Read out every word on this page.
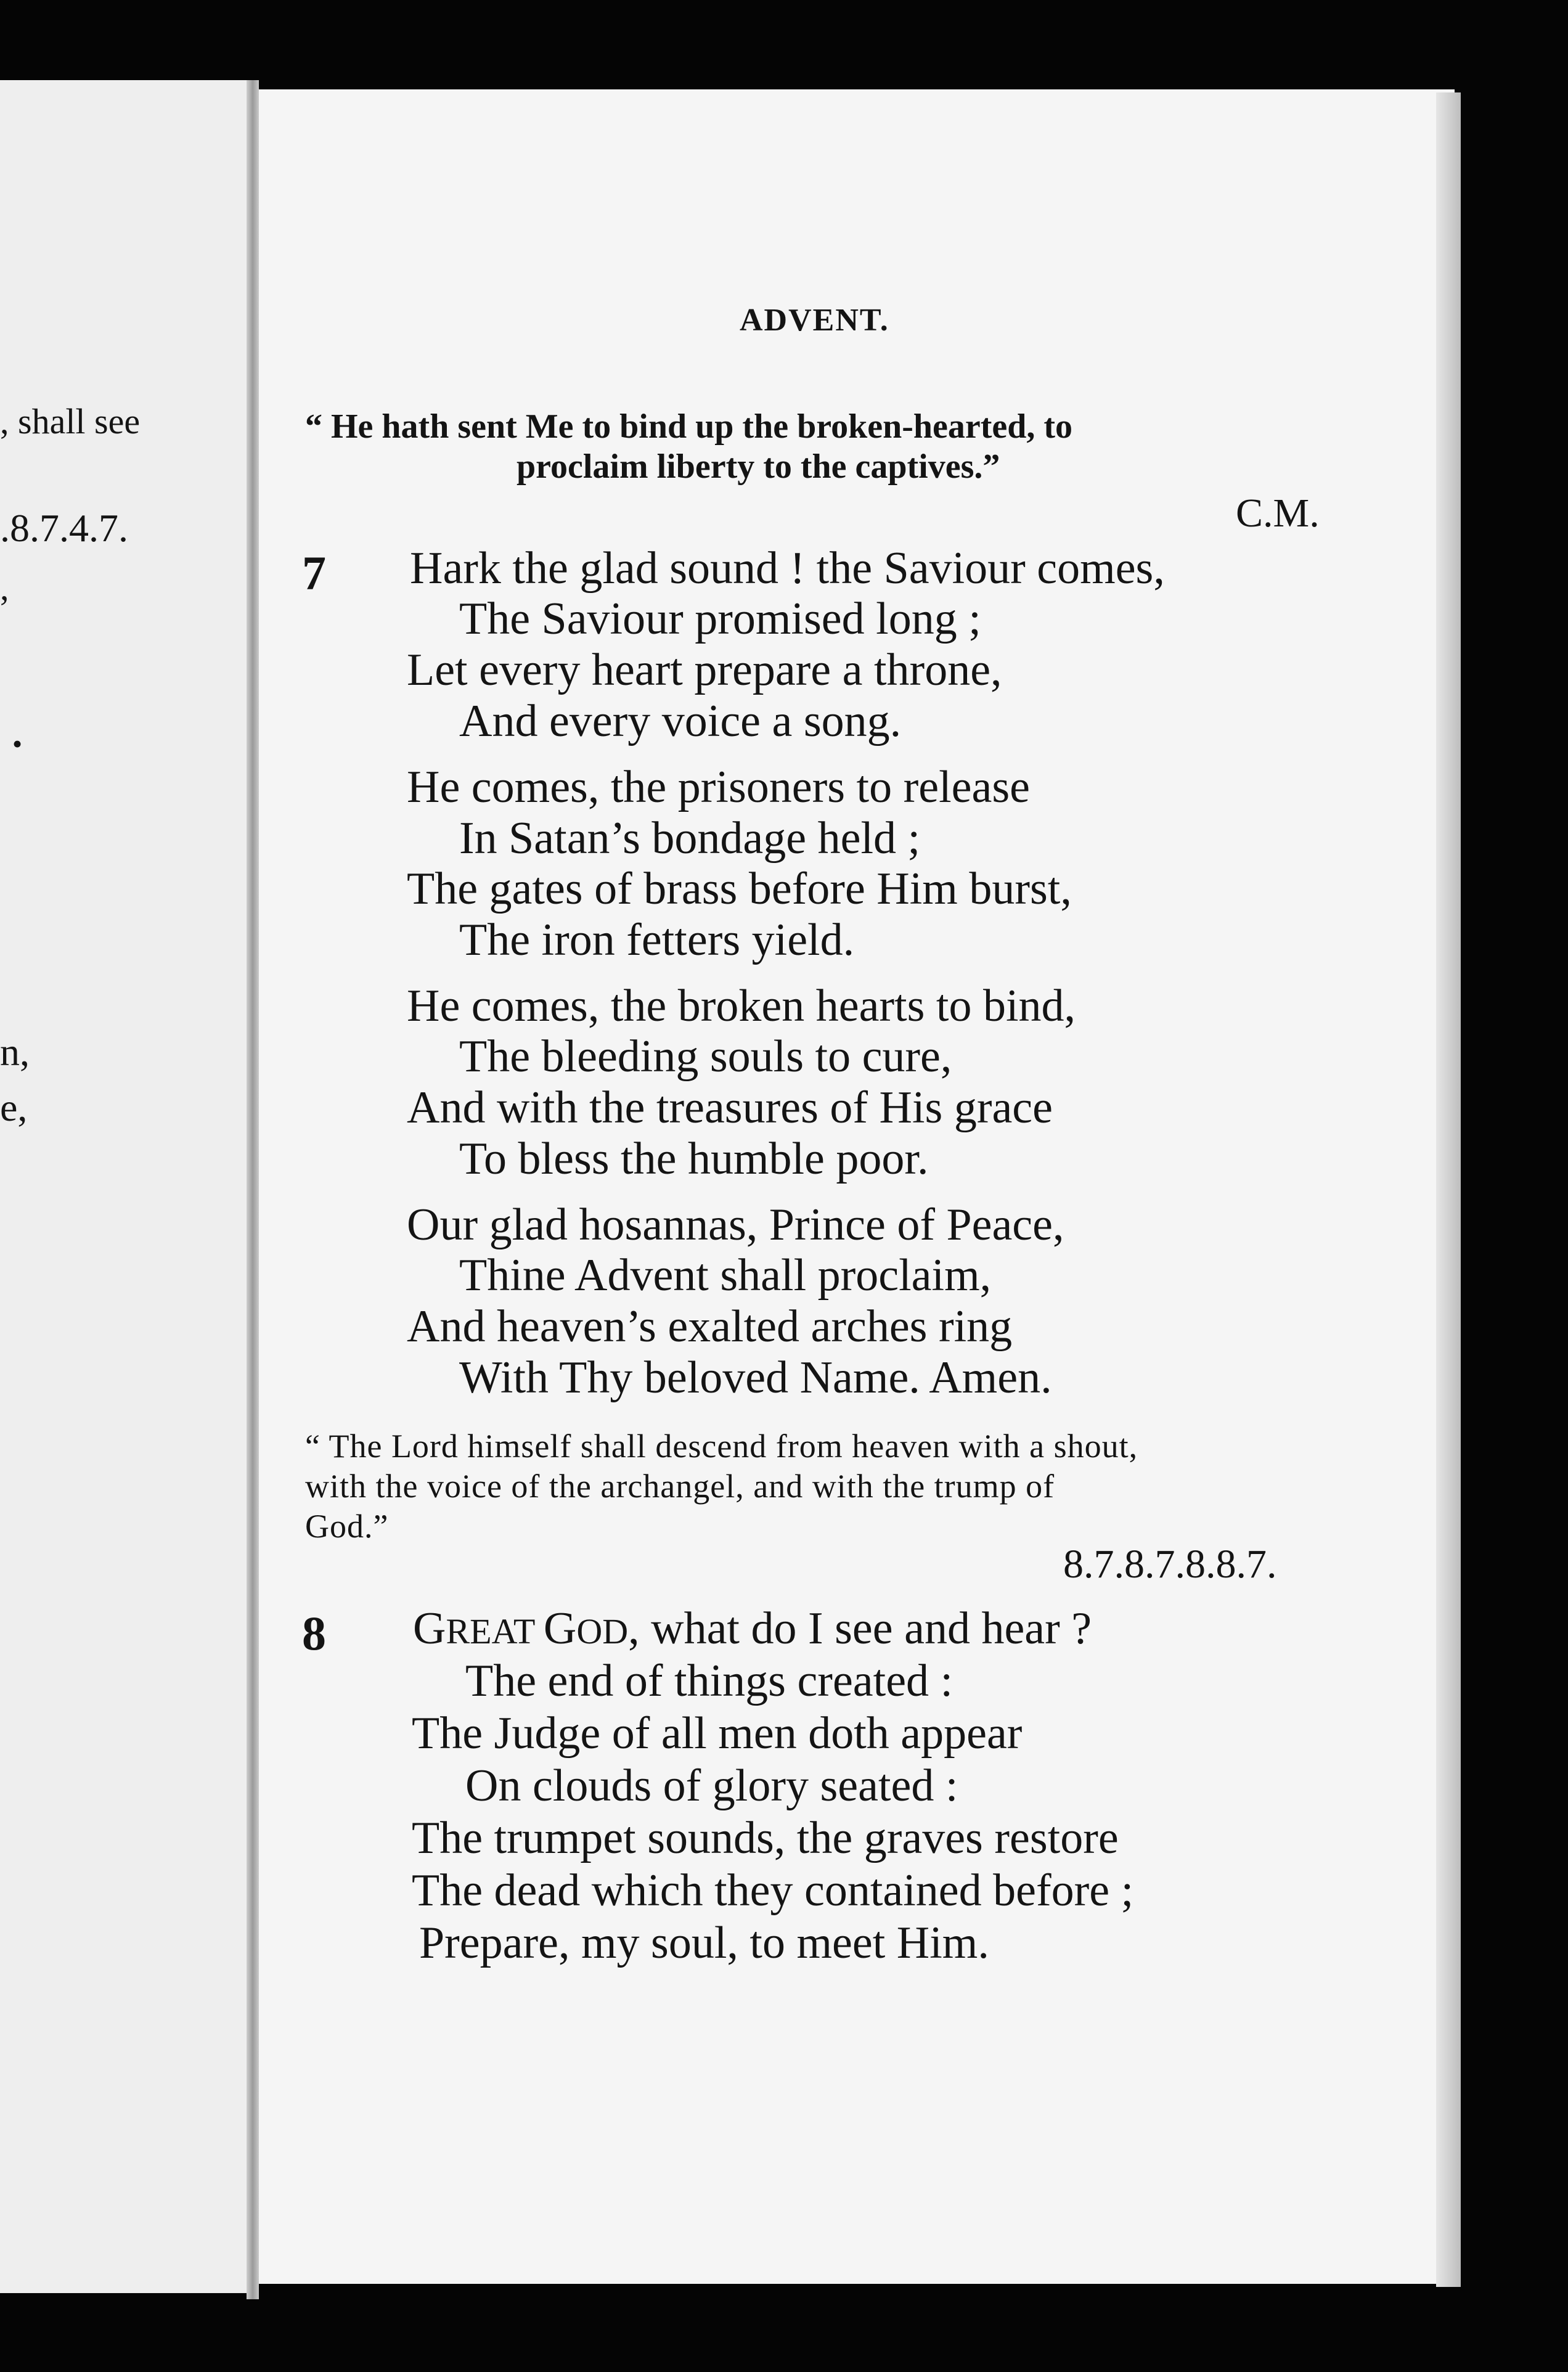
, shall see
.8.7.4.7.
,
•
n,
e,
ADVENT.
“ He hath sent Me to bind up the broken-hearted, to
proclaim liberty to the captives.”
C.M.
7 Hark the glad sound ! the Saviour comes,
The Saviour promised long ;
Let every heart prepare a throne,
And every voice a song.
He comes, the prisoners to release
In Satan’s bondage held ;
The gates of brass before Him burst,
The iron fetters yield.
He comes, the broken hearts to bind,
The bleeding souls to cure,
And with the treasures of His grace
To bless the humble poor.
Our glad hosannas, Prince of Peace,
Thine Advent shall proclaim,
And heaven’s exalted arches ring
With Thy beloved Name. Amen.
“ The Lord himself shall descend from heaven with a shout,
with the voice of the archangel, and with the trump of
God.”
8.7.8.7.8.8.7.
8 GREAT GOD, what do I see and hear ?
The end of things created :
The Judge of all men doth appear
On clouds of glory seated :
The trumpet sounds, the graves restore
The dead which they contained before ;
Prepare, my soul, to meet Him.
